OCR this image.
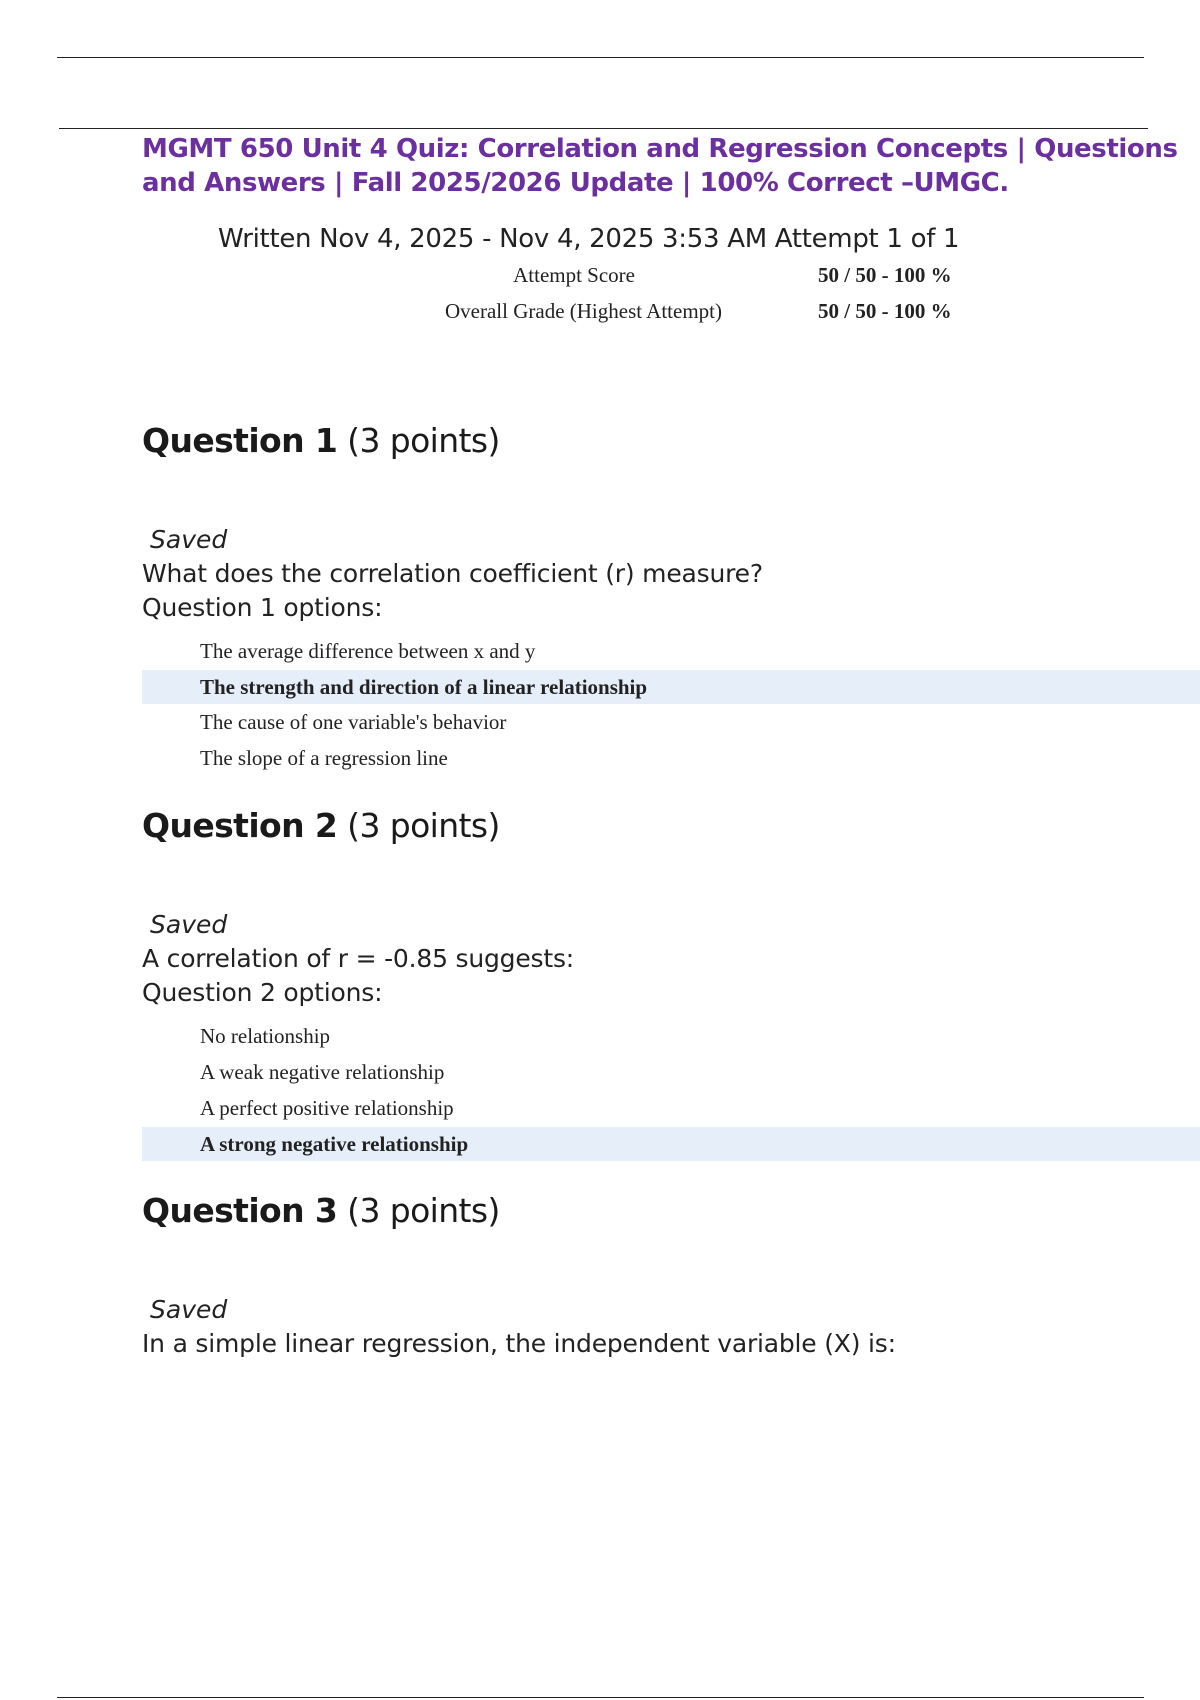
MGMT 650 Unit 4 Quiz: Correlation and Regression Concepts | Questions and Answers | Fall 2025/2026 Update | 100% Correct –UMGC.
Written Nov 4, 2025 - Nov 4, 2025 3:53 AM Attempt 1 of 1
Attempt Score	50 / 50 - 100 %
Overall Grade (Highest Attempt)	50 / 50 - 100 %
Question 1 (3 points)
Saved
What does the correlation coefficient (r) measure?
Question 1 options:
The average difference between x and y
The strength and direction of a linear relationship
The cause of one variable's behavior
The slope of a regression line
Question 2 (3 points)
Saved
A correlation of r = -0.85 suggests:
Question 2 options:
No relationship
A weak negative relationship
A perfect positive relationship
A strong negative relationship
Question 3 (3 points)
Saved
In a simple linear regression, the independent variable (X) is:
